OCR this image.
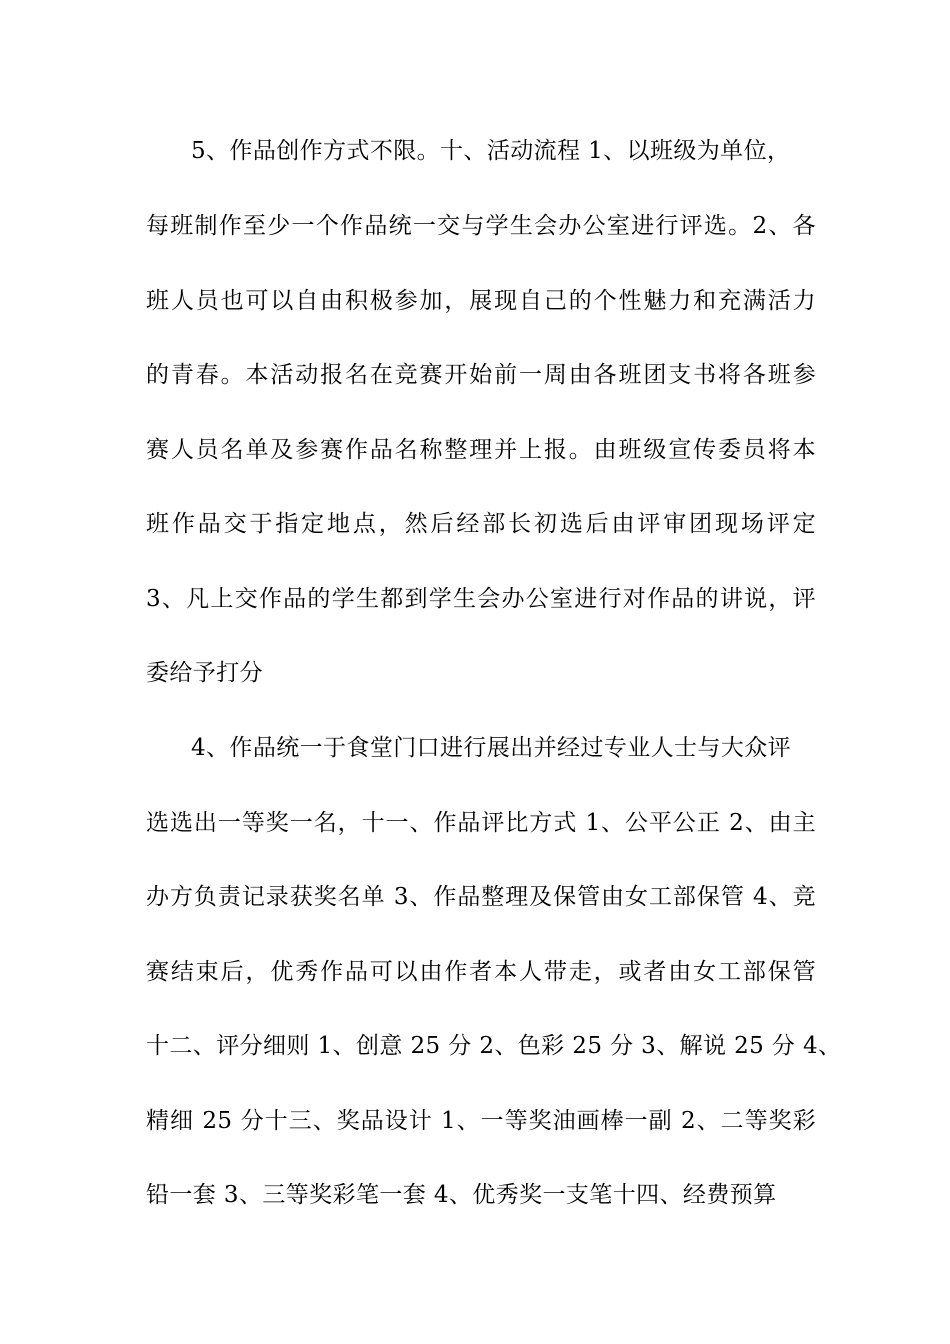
5、作品创作方式不限。十、活动流程 1、以班级为单位，
每班制作至少一个作品统一交与学生会办公室进行评选。2、各
班人员也可以自由积极参加，展现自己的个性魅力和充满活力
的青春。本活动报名在竞赛开始前一周由各班团支书将各班参
赛人员名单及参赛作品名称整理并上报。由班级宣传委员将本
班作品交于指定地点，然后经部长初选后由评审团现场评定
3、凡上交作品的学生都到学生会办公室进行对作品的讲说，评
委给予打分
4、作品统一于食堂门口进行展出并经过专业人士与大众评
选选出一等奖一名，十一、作品评比方式 1、公平公正 2、由主
办方负责记录获奖名单 3、作品整理及保管由女工部保管 4、竞
赛结束后，优秀作品可以由作者本人带走，或者由女工部保管
十二、评分细则 1、创意 25 分 2、色彩 25 分 3、解说 25 分 4、
精细 25 分十三、奖品设计 1、一等奖油画棒一副 2、二等奖彩
铅一套 3、三等奖彩笔一套 4、优秀奖一支笔十四、经费预算
